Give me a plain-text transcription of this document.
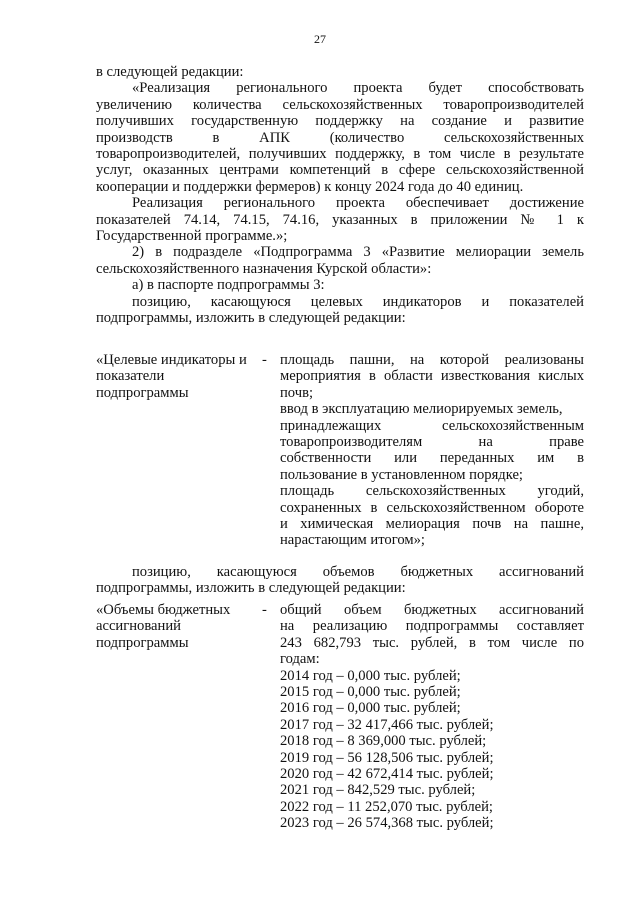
27

в следующей редакции:

«Реализация регионального проекта будет способствовать

увеличению количества сельскохозяйственных товаропроизводителей

получивших государственную поддержку на создание и развитие

производств в АПК (количество сельскохозяйственных

товаропроизводителей, получивших поддержку, в том числе в результате

услуг, оказанных центрами компетенций в сфере сельскохозяйственной

кооперации и поддержки фермеров) к концу 2024 года до 40 единиц.

Реализация регионального проекта обеспечивает достижение

показателей 74.14, 74.15, 74.16, указанных в приложении № 1 к

Государственной программе.»;

2) в подразделе «Подпрограмма 3 «Развитие мелиорации земель

сельскохозяйственного назначения Курской области»:

а) в паспорте подпрограммы 3:

позицию, касающуюся целевых индикаторов и показателей

подпрограммы, изложить в следующей редакции:

«Целевые индикаторы и
показатели
подпрограммы
- площадь пашни, на которой реализованы

мероприятия в области известкования кислых

почв;

ввод в эксплуатацию мелиорируемых земель,

принадлежащих сельскохозяйственным

товаропроизводителям на праве

собственности или переданных им в

пользование в установленном порядке;

площадь сельскохозяйственных угодий,

сохраненных в сельскохозяйственном обороте

и химическая мелиорация почв на пашне,

нарастающим итогом»;

позицию, касающуюся объемов бюджетных ассигнований

подпрограммы, изложить в следующей редакции:

«Объемы бюджетных
ассигнований
подпрограммы
- общий объем бюджетных ассигнований

на реализацию подпрограммы составляет

243 682,793 тыс. рублей, в том числе по

годам:

2014 год – 0,000 тыс. рублей;

2015 год – 0,000 тыс. рублей;

2016 год – 0,000 тыс. рублей;

2017 год – 32 417,466 тыс. рублей;

2018 год – 8 369,000 тыс. рублей;

2019 год – 56 128,506 тыс. рублей;

2020 год – 42 672,414 тыс. рублей;

2021 год – 842,529 тыс. рублей;

2022 год – 11 252,070 тыс. рублей;

2023 год – 26 574,368 тыс. рублей;
